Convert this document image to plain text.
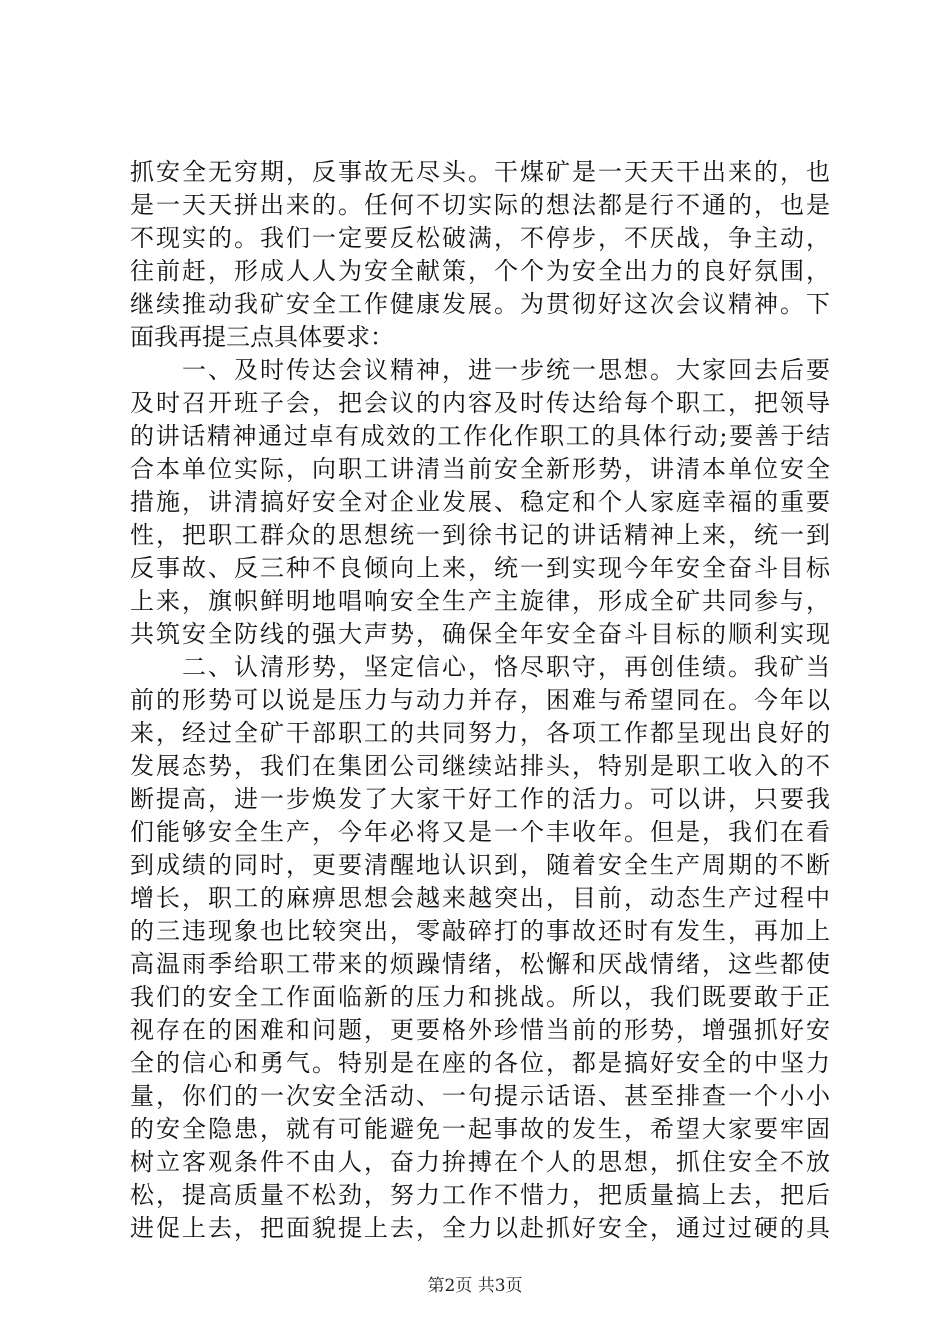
抓安全无穷期，反事故无尽头。干煤矿是一天天干出来的，也
是一天天拼出来的。任何不切实际的想法都是行不通的，也是
不现实的。我们一定要反松破满，不停步，不厌战，争主动，
往前赶，形成人人为安全献策，个个为安全出力的良好氛围，
继续推动我矿安全工作健康发展。为贯彻好这次会议精神。下
面我再提三点具体要求：
　　一、及时传达会议精神，进一步统一思想。大家回去后要
及时召开班子会，把会议的内容及时传达给每个职工，把领导
的讲话精神通过卓有成效的工作化作职工的具体行动;要善于结
合本单位实际，向职工讲清当前安全新形势，讲清本单位安全
措施，讲清搞好安全对企业发展、稳定和个人家庭幸福的重要
性，把职工群众的思想统一到徐书记的讲话精神上来，统一到
反事故、反三种不良倾向上来，统一到实现今年安全奋斗目标
上来，旗帜鲜明地唱响安全生产主旋律，形成全矿共同参与，
共筑安全防线的强大声势，确保全年安全奋斗目标的顺利实现
　　二、认清形势，坚定信心，恪尽职守，再创佳绩。我矿当
前的形势可以说是压力与动力并存，困难与希望同在。今年以
来，经过全矿干部职工的共同努力，各项工作都呈现出良好的
发展态势，我们在集团公司继续站排头，特别是职工收入的不
断提高，进一步焕发了大家干好工作的活力。可以讲，只要我
们能够安全生产，今年必将又是一个丰收年。但是，我们在看
到成绩的同时，更要清醒地认识到，随着安全生产周期的不断
增长，职工的麻痹思想会越来越突出，目前，动态生产过程中
的三违现象也比较突出，零敲碎打的事故还时有发生，再加上
高温雨季给职工带来的烦躁情绪，松懈和厌战情绪，这些都使
我们的安全工作面临新的压力和挑战。所以，我们既要敢于正
视存在的困难和问题，更要格外珍惜当前的形势，增强抓好安
全的信心和勇气。特别是在座的各位，都是搞好安全的中坚力
量，你们的一次安全活动、一句提示话语、甚至排查一个小小
的安全隐患，就有可能避免一起事故的发生，希望大家要牢固
树立客观条件不由人，奋力拚搏在个人的思想，抓住安全不放
松，提高质量不松劲，努力工作不惜力，把质量搞上去，把后
进促上去，把面貌提上去，全力以赴抓好安全，通过过硬的具
第2页 共3页
